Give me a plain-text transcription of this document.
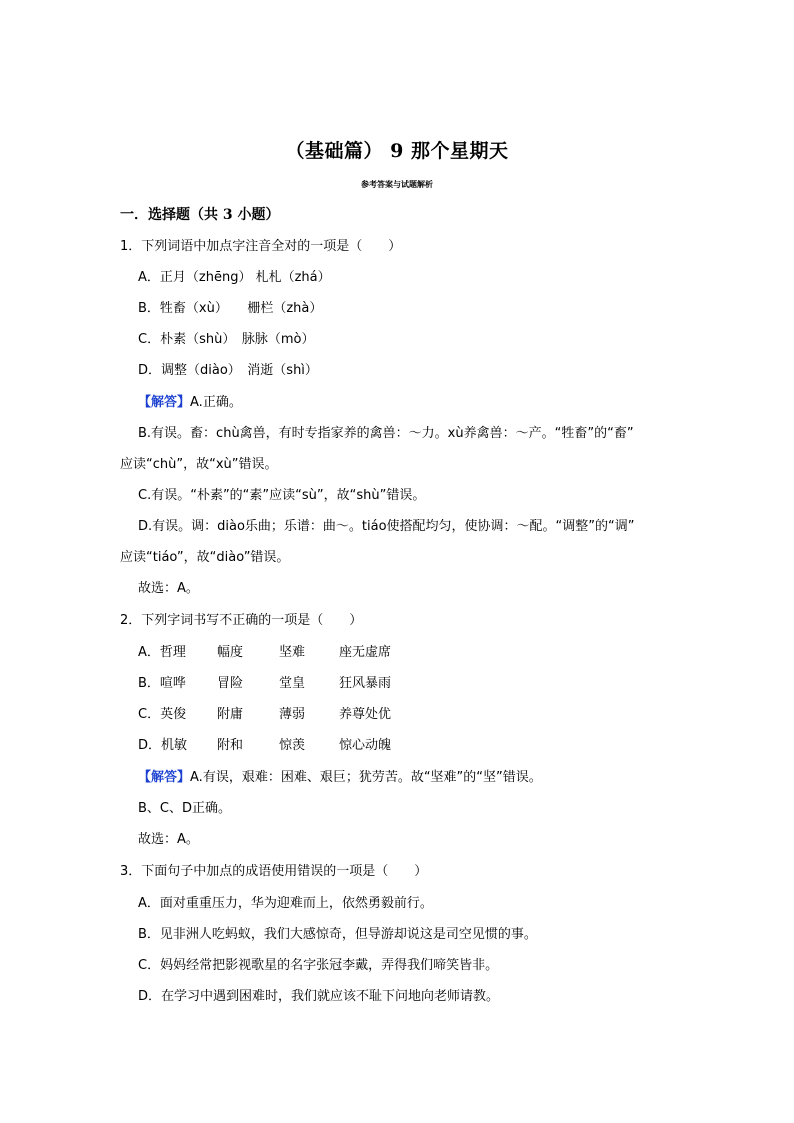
（基础篇） 9 那个星期天
参考答案与试题解析
一．选择题（共 3 小题）
1．下列词语中加点字注音全对的一项是（　　）
A．正月（zhēng） 札札（zhá）
B．牲畜（xù）　　栅栏（zhà）
C．朴素（shù）　脉脉（mò）
D．调整（diào）　消逝（shì）
【解答】A.正确。
B.有误。畜：chù禽兽，有时专指家养的禽兽：～力。xù养禽兽：～产。“牲畜”的“畜”
应读“chù”，故“xù”错误。
C.有误。“朴素”的“素”应读“sù”，故“shù”错误。
D.有误。调：diào乐曲；乐谱：曲～。tiáo使搭配均匀，使协调：～配。“调整”的“调”
应读“tiáo”，故“diào”错误。
故选：A。
2．下列字词书写不正确的一项是（　　）
A．哲理 幅度	坚难	座无虚席
B．喧哗 冒险	堂皇	狂风暴雨
C．英俊 附庸	薄弱	养尊处优
D．机敏 附和	惊羡	惊心动魄
【解答】A.有误，艰难：困难、艰巨；犹劳苦。故“坚难”的“坚”错误。
B、C、D正确。
故选：A。
3．下面句子中加点的成语使用错误的一项是（　　）
A．面对重重压力，华为迎难而上，依然勇毅前行。
B．见非洲人吃蚂蚁，我们大感惊奇，但导游却说这是司空见惯的事。
C．妈妈经常把影视歌星的名字张冠李戴，弄得我们啼笑皆非。
D．在学习中遇到困难时，我们就应该不耻下问地向老师请教。
